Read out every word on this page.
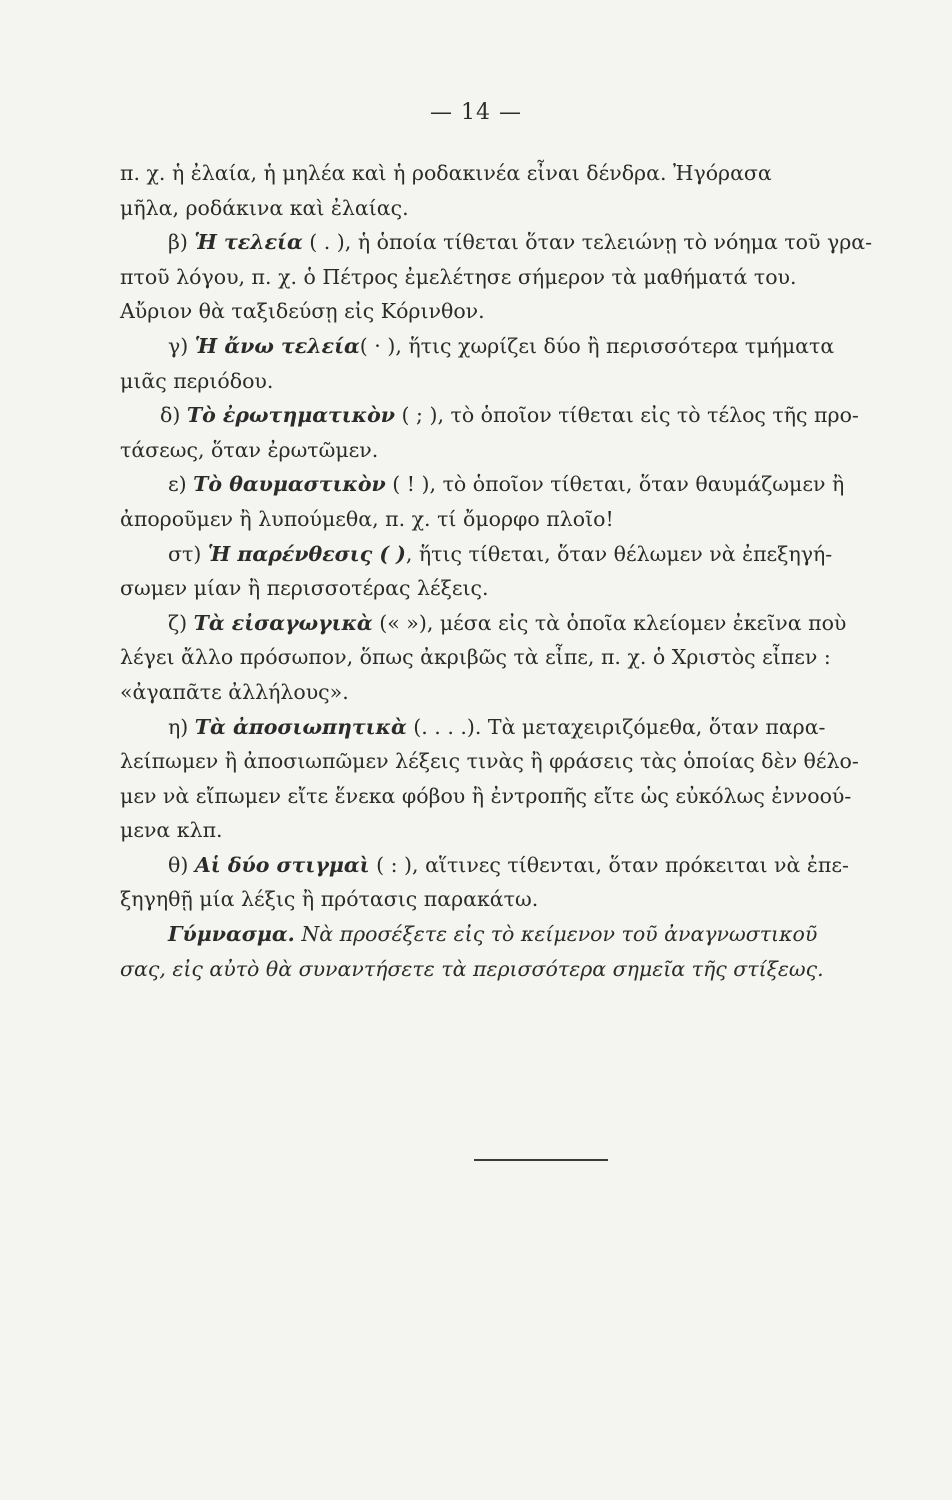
— 14 —
π. χ. ἡ ἐλαία, ἡ μηλέα καὶ ἡ ροδακινέα εἶναι δένδρα. Ἠγόρασα
μῆλα, ροδάκινα καὶ ἐλαίας.
β) Ἡ τελεία ( . ), ἡ ὁποία τίθεται ὅταν τελειώνῃ τὸ νόημα τοῦ γρα-
πτοῦ λόγου, π. χ. ὁ Πέτρος ἐμελέτησε σήμερον τὰ μαθήματά του.
Αὔριον θὰ ταξιδεύσῃ εἰς Κόρινθον.
γ) Ἡ ἄνω τελεία( · ), ἥτις χωρίζει δύο ἢ περισσότερα τμήματα
μιᾶς περιόδου.
δ) Τὸ ἐρωτηματικὸν ( ; ), τὸ ὁποῖον τίθεται εἰς τὸ τέλος τῆς προ-
τάσεως, ὅταν ἐρωτῶμεν.
ε) Τὸ θαυμαστικὸν ( ! ), τὸ ὁποῖον τίθεται, ὅταν θαυμάζωμεν ἢ
ἀποροῦμεν ἢ λυπούμεθα, π. χ. τί ὄμορφο πλοῖο!
στ) Ἡ παρένθεσις ( ), ἥτις τίθεται, ὅταν θέλωμεν νὰ ἐπεξηγή-
σωμεν μίαν ἢ περισσοτέρας λέξεις.
ζ) Τὰ εἰσαγωγικὰ (« »), μέσα εἰς τὰ ὁποῖα κλείομεν ἐκεῖνα ποὺ
λέγει ἄλλο πρόσωπον, ὅπως ἀκριβῶς τὰ εἶπε, π. χ. ὁ Χριστὸς εἶπεν :
«ἀγαπᾶτε ἀλλήλους».
η) Τὰ ἀποσιωπητικὰ (. . . .). Τὰ μεταχειριζόμεθα, ὅταν παρα-
λείπωμεν ἢ ἀποσιωπῶμεν λέξεις τινὰς ἢ φράσεις τὰς ὁποίας δὲν θέλο-
μεν νὰ εἴπωμεν εἴτε ἕνεκα φόβου ἢ ἐντροπῆς εἴτε ὡς εὐκόλως ἐννοού-
μενα κλπ.
θ) Αἱ δύο στιγμαὶ ( : ), αἵτινες τίθενται, ὅταν πρόκειται νὰ ἐπε-
ξηγηθῇ μία λέξις ἢ πρότασις παρακάτω.
Γύμνασμα. Νὰ προσέξετε εἰς τὸ κείμενον τοῦ ἀναγνωστικοῦ
σας, εἰς αὐτὸ θὰ συναντήσετε τὰ περισσότερα σημεῖα τῆς στίξεως.
